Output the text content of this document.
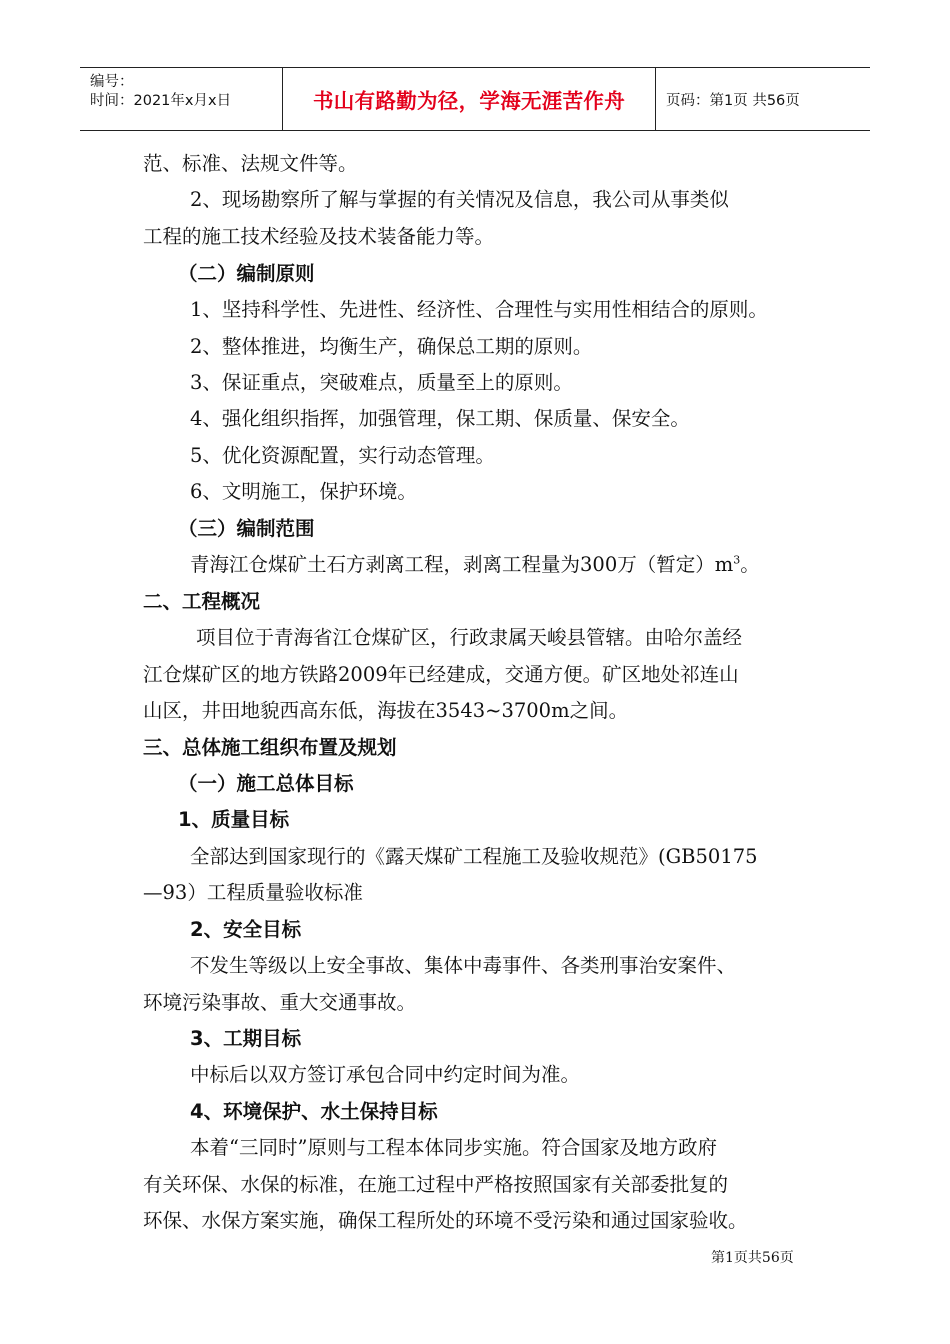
编号：
时间：2021年x月x日	书山有路勤为径，学海无涯苦作舟	页码：第1页 共56页
范、标准、法规文件等。
2、现场勘察所了解与掌握的有关情况及信息，我公司从事类似
工程的施工技术经验及技术装备能力等。
（二）编制原则
1、坚持科学性、先进性、经济性、合理性与实用性相结合的原则。
2、整体推进，均衡生产，确保总工期的原则。
3、保证重点，突破难点，质量至上的原则。
4、强化组织指挥，加强管理，保工期、保质量、保安全。
5、优化资源配置，实行动态管理。
6、文明施工，保护环境。
（三）编制范围
青海江仓煤矿土石方剥离工程，剥离工程量为300万（暂定）$m^3$。
二、工程概况
项目位于青海省江仓煤矿区，行政隶属天峻县管辖。由哈尔盖经
江仓煤矿区的地方铁路2009年已经建成，交通方便。矿区地处祁连山
山区，井田地貌西高东低，海拔在3543~3700m之间。
三、总体施工组织布置及规划
（一）施工总体目标
1、质量目标
全部达到国家现行的《露天煤矿工程施工及验收规范》(GB50175
—93）工程质量验收标准
2、安全目标
不发生等级以上安全事故、集体中毒事件、各类刑事治安案件、
环境污染事故、重大交通事故。
3、工期目标
中标后以双方签订承包合同中约定时间为准。
4、环境保护、水土保持目标
本着“三同时”原则与工程本体同步实施。符合国家及地方政府
有关环保、水保的标准，在施工过程中严格按照国家有关部委批复的
环保、水保方案实施，确保工程所处的环境不受污染和通过国家验收。
第1页共56页
